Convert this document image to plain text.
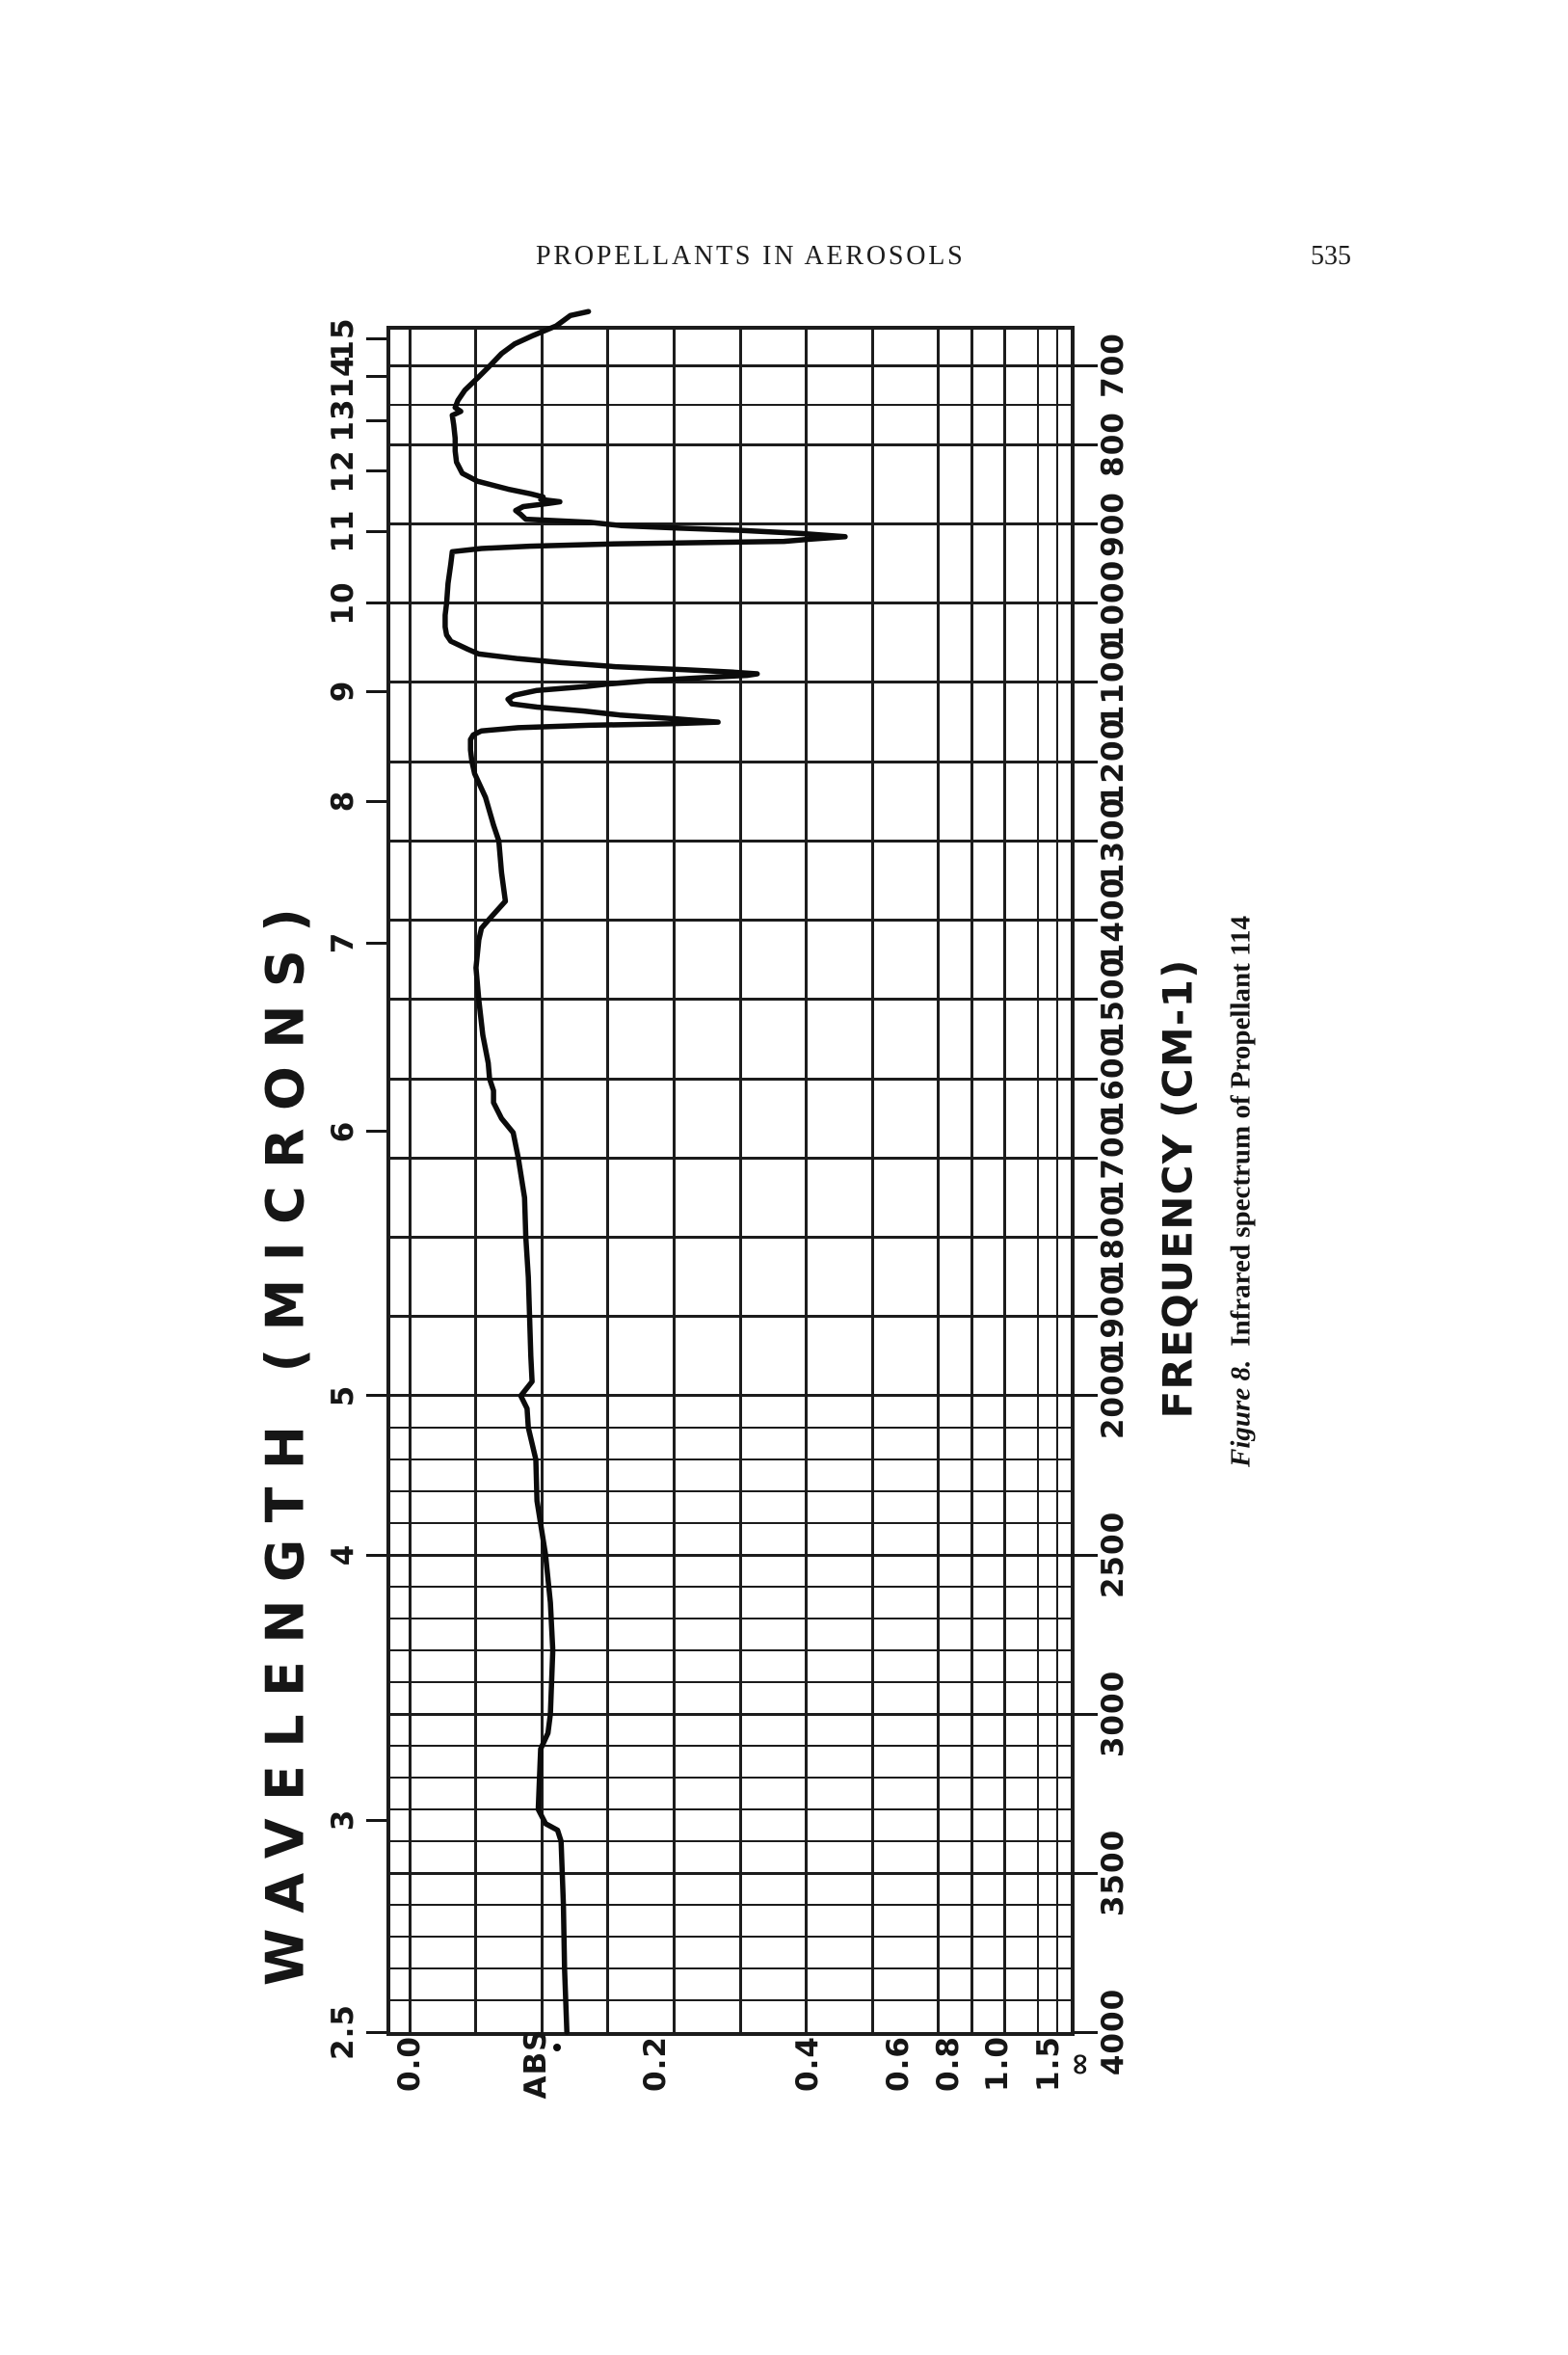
PROPELLANTS IN AEROSOLS	535
2.5
3
4
5
6
7
8
9
10
11
12
13
14
15	700
800
900
1000
1100
1200
1300
1400
1500
1600
1700
1800
1900
2000
2500
3000
3500
4000
0.0	0.2	0.4 0.6 0.8 1.0 1.5
∞
ABS
WAVELENGTH (MICRONS)	FREQUENCY (CM-1) Figure 8.Infrared spectrum of Propellant 114
